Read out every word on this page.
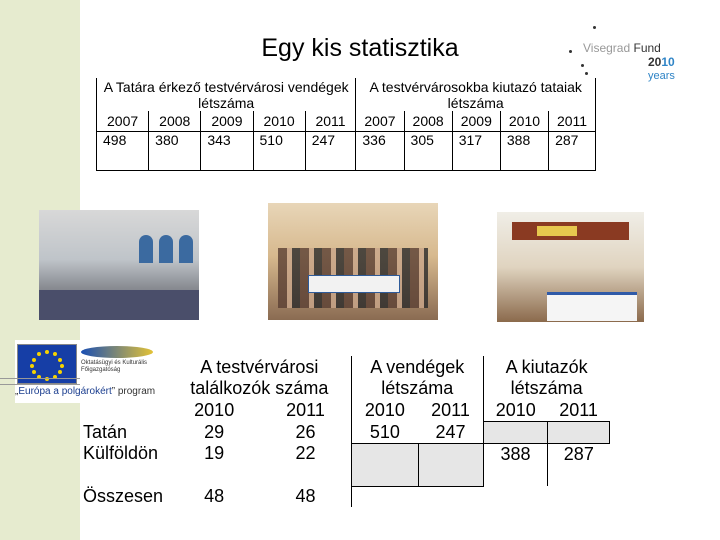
Egy kis statisztika	Visegrad Fund
2010
years
A Tatára érkező testvérvárosi vendégek létszáma					A testvérvárosokba kiutazó tataiak létszáma				
2007	2008	2009	2010	2011	2007	2008	2009	2010	2011
498	380	343	510	247	336	305	317	388	287
Oktatásügyi és Kulturális Főigazgatóság
„Európa a polgárokért” program
	A testvérvárosi találkozók száma		A vendégek létszáma		A kiutazók létszáma	
	2010	2011	2010	2011	2010	2011
Tatán	29	26	510	247		
Külföldön	19	22			388	287
Összesen	48	48				
